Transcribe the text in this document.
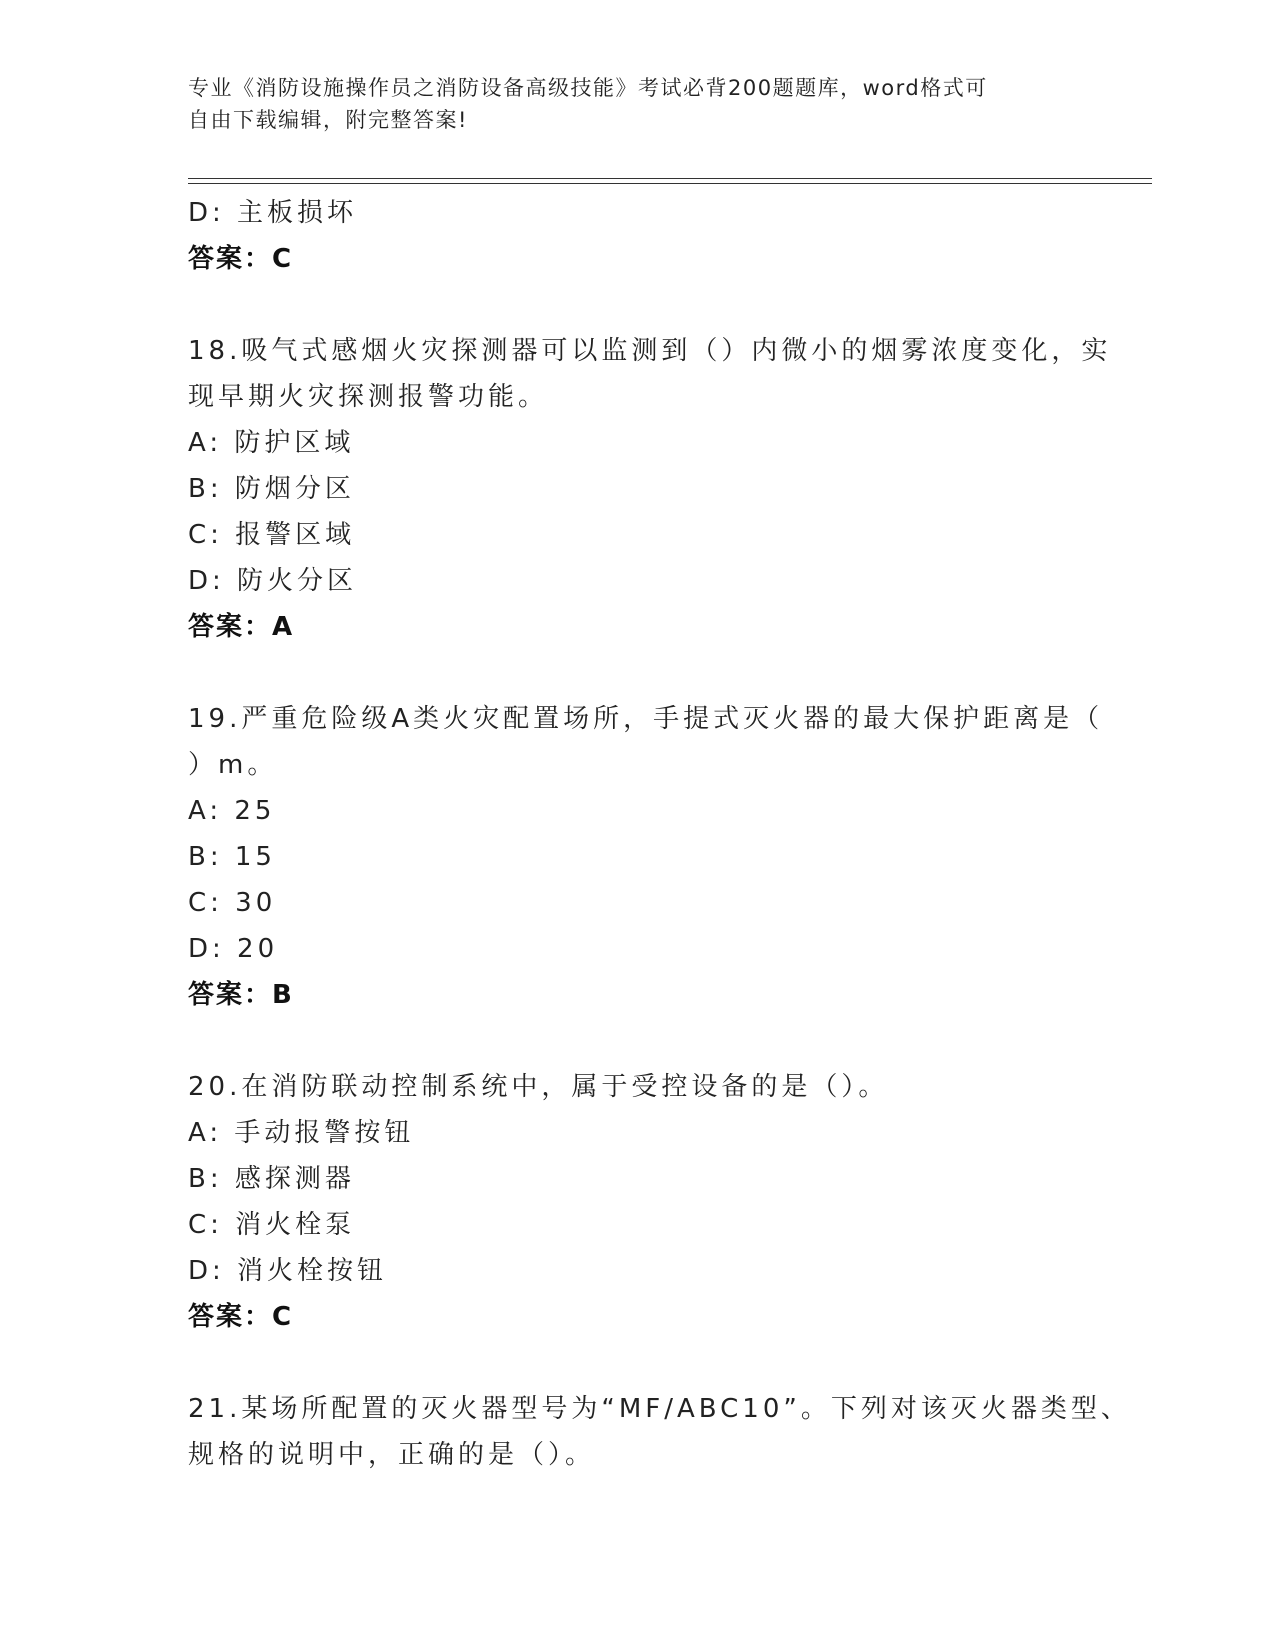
专业《消防设施操作员之消防设备高级技能》考试必背200题题库，word格式可
自由下载编辑，附完整答案!
D: 主板损坏
答案：C
18.吸气式感烟火灾探测器可以监测到（）内微小的烟雾浓度变化，实
现早期火灾探测报警功能。
A: 防护区域
B: 防烟分区
C: 报警区域
D: 防火分区
答案：A
19.严重危险级A类火灾配置场所，手提式灭火器的最大保护距离是（
）m。
A: 25
B: 15
C: 30
D: 20
答案：B
20.在消防联动控制系统中，属于受控设备的是（）。
A: 手动报警按钮
B: 感探测器
C: 消火栓泵
D: 消火栓按钮
答案：C
21.某场所配置的灭火器型号为“MF/ABC10”。下列对该灭火器类型、
规格的说明中，正确的是（）。
